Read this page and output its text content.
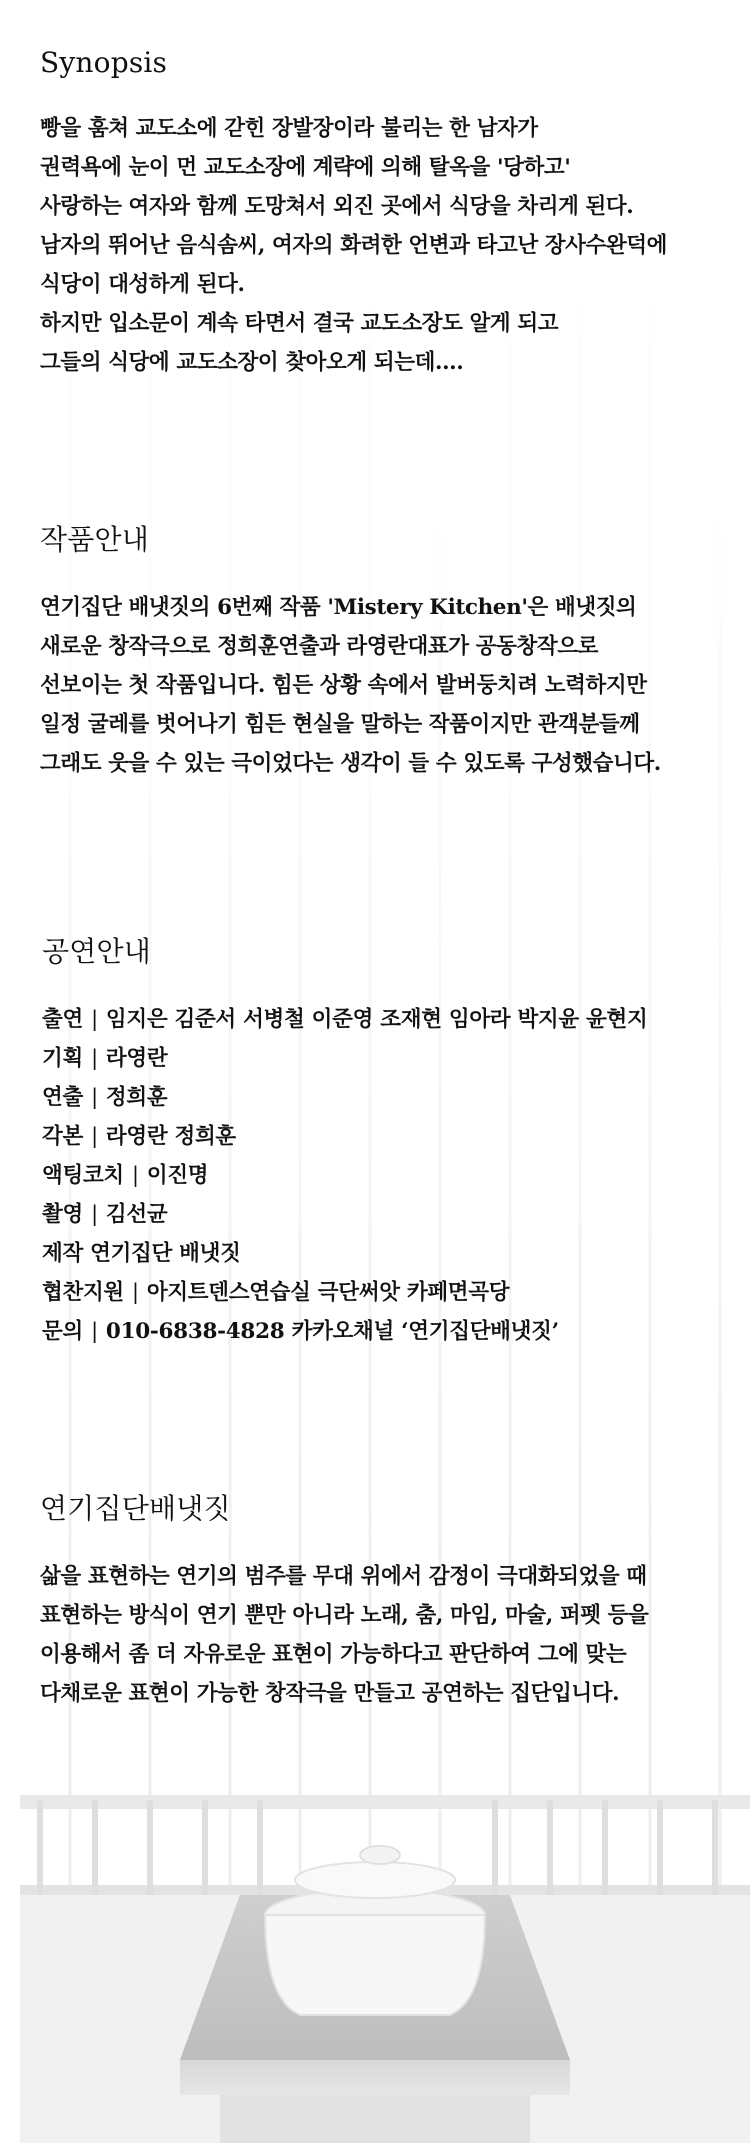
Synopsis

빵을 훔쳐 교도소에 갇힌 장발장이라 불리는 한 남자가
권력욕에 눈이 먼 교도소장에 계략에 의해 탈옥을 '당하고'
사랑하는 여자와 함께 도망쳐서 외진 곳에서 식당을 차리게 된다.
남자의 뛰어난 음식솜씨, 여자의 화려한 언변과 타고난 장사수완덕에
식당이 대성하게 된다.
하지만 입소문이 계속 타면서 결국 교도소장도 알게 되고
그들의 식당에 교도소장이 찾아오게 되는데....

작품안내

연기집단 배냇짓의 6번째 작품 'Mistery Kitchen'은 배냇짓의
새로운 창작극으로 정희훈연출과 라영란대표가 공동창작으로
선보이는 첫 작품입니다. 힘든 상황 속에서 발버둥치려 노력하지만
일정 굴레를 벗어나기 힘든 현실을 말하는 작품이지만 관객분들께
그래도 웃을 수 있는 극이었다는 생각이 들 수 있도록 구성했습니다.

공연안내
출연 | 임지은 김준서 서병철 이준영 조재현 임아라 박지윤 윤현지
기획 | 라영란
연출 | 정희훈
각본 | 라영란 정희훈
액팅코치 | 이진명
촬영 | 김선균
제작 연기집단 배냇짓
협찬지원 | 아지트덴스연습실 극단써앗 카페면곡당
문의 | 010-6838-4828 카카오채널 ‘연기집단배냇짓’
연기집단배냇짓

삶을 표현하는 연기의 범주를 무대 위에서 감정이 극대화되었을 때
표현하는 방식이 연기 뿐만 아니라 노래, 춤, 마임, 마술, 퍼펫 등을
이용해서 좀 더 자유로운 표현이 가능하다고 판단하여 그에 맞는
다채로운 표현이 가능한 창작극을 만들고 공연하는 집단입니다.
